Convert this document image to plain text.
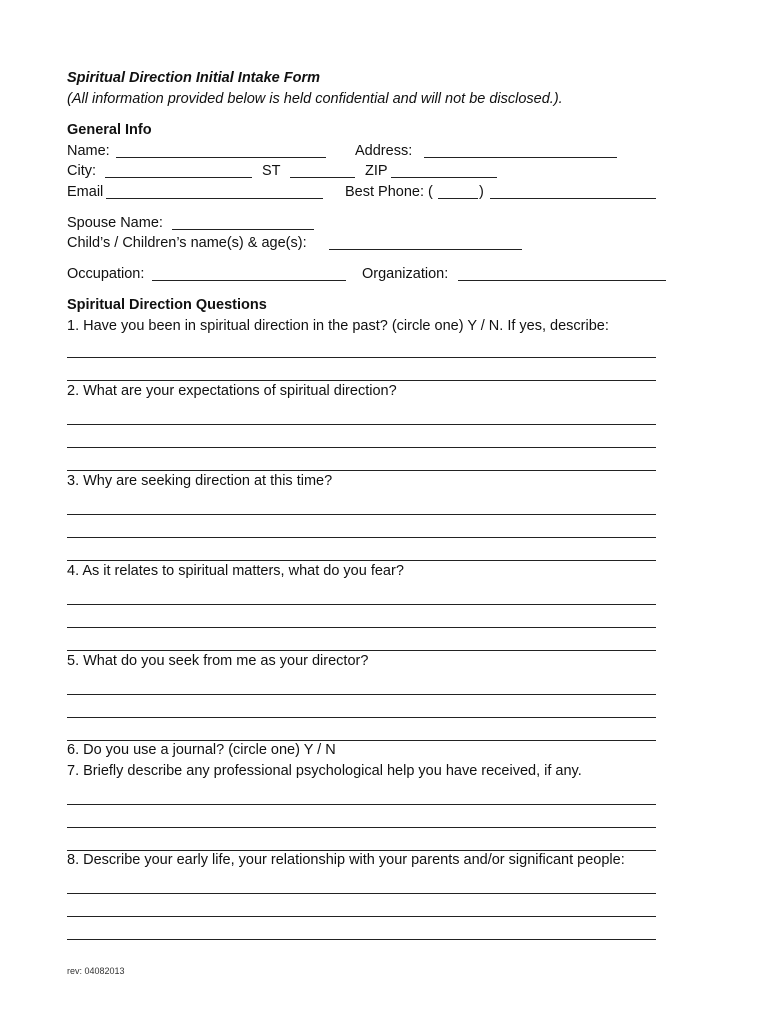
Spiritual Direction Initial Intake Form
(All information provided below is held confidential and will not be disclosed.).
General Info
Name:	Address:
City:	ST	ZIP
Email	Best Phone: (	)
Spouse Name:
Child’s / Children’s name(s) & age(s):
Occupation:	Organization:
Spiritual Direction Questions
1. Have you been in spiritual direction in the past? (circle one) Y / N. If yes, describe:
2. What are your expectations of spiritual direction?
3. Why are seeking direction at this time?
4. As it relates to spiritual matters, what do you fear?
5. What do you seek from me as your director?
6. Do you use a journal? (circle one) Y / N
7. Briefly describe any professional psychological help you have received, if any.
8. Describe your early life, your relationship with your parents and/or significant people:
rev: 04082013
